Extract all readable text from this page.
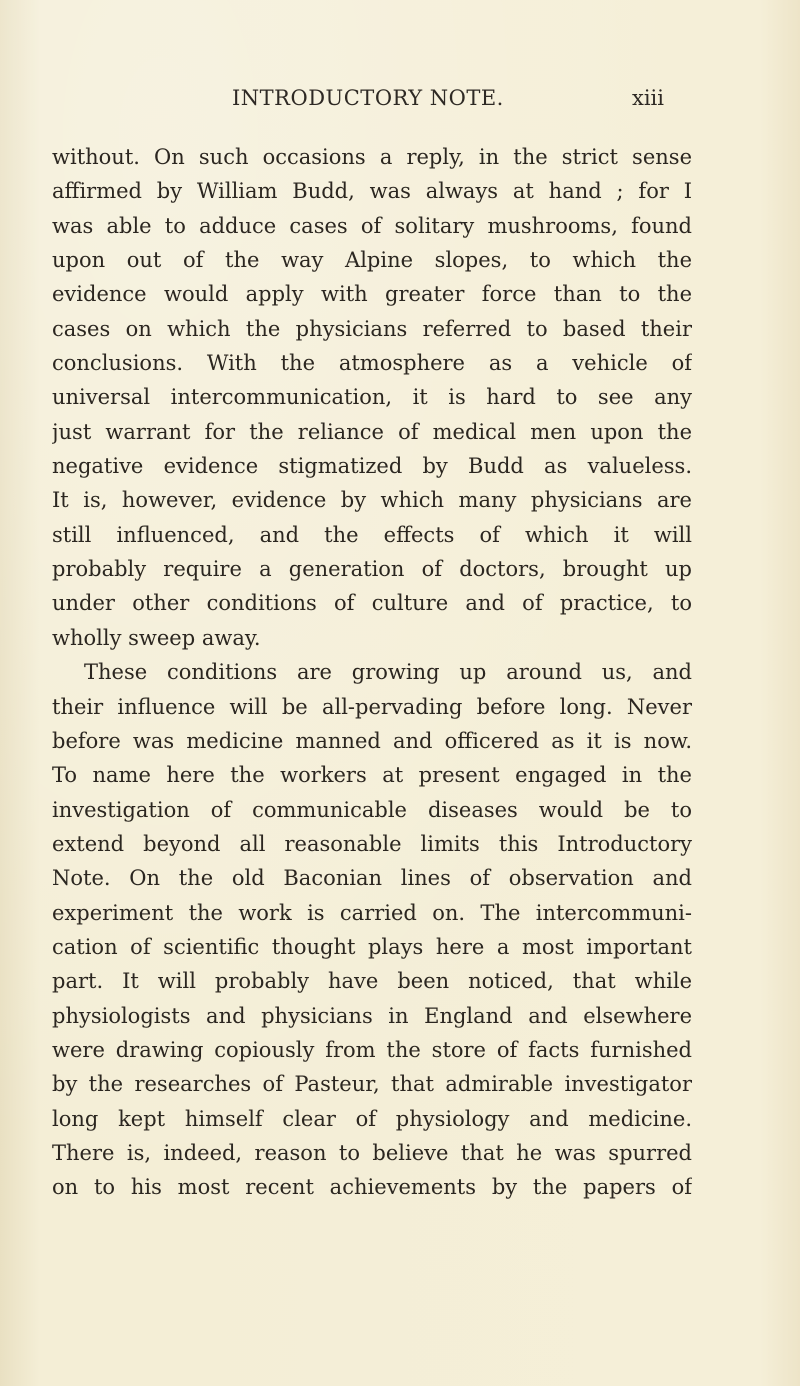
INTRODUCTORY NOTE.	xiii
without. On such occasions a reply, in the strict sense
affirmed by William Budd, was always at hand ; for I
was able to adduce cases of solitary mushrooms, found
upon out of the way Alpine slopes, to which the
evidence would apply with greater force than to the
cases on which the physicians referred to based their
conclusions. With the atmosphere as a vehicle of
universal intercommunication, it is hard to see any
just warrant for the reliance of medical men upon the
negative evidence stigmatized by Budd as valueless.
It is, however, evidence by which many physicians are
still influenced, and the effects of which it will
probably require a generation of doctors, brought up
under other conditions of culture and of practice, to
wholly sweep away.
These conditions are growing up around us, and
their influence will be all-pervading before long. Never
before was medicine manned and officered as it is now.
To name here the workers at present engaged in the
investigation of communicable diseases would be to
extend beyond all reasonable limits this Introductory
Note. On the old Baconian lines of observation and
experiment the work is carried on. The intercommuni-
cation of scientific thought plays here a most important
part. It will probably have been noticed, that while
physiologists and physicians in England and elsewhere
were drawing copiously from the store of facts furnished
by the researches of Pasteur, that admirable investigator
long kept himself clear of physiology and medicine.
There is, indeed, reason to believe that he was spurred
on to his most recent achievements by the papers of
